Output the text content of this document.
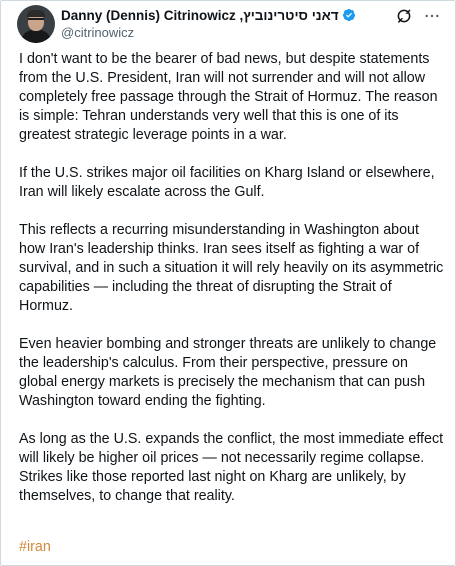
Danny (Dennis) Citrinowicz ,דאני סיטרינוביץ
@citrinowicz

I don't want to be the bearer of bad news, but despite statements from the U.S. President, Iran will not surrender and will not allow completely free passage through the Strait of Hormuz. The reason is simple: Tehran understands very well that this is one of its greatest strategic leverage points in a war.

If the U.S. strikes major oil facilities on Kharg Island or elsewhere, Iran will likely escalate across the Gulf.

This reflects a recurring misunderstanding in Washington about how Iran's leadership thinks. Iran sees itself as fighting a war of survival, and in such a situation it will rely heavily on its asymmetric capabilities — including the threat of disrupting the Strait of Hormuz.

Even heavier bombing and stronger threats are unlikely to change the leadership's calculus. From their perspective, pressure on global energy markets is precisely the mechanism that can push Washington toward ending the fighting.

As long as the U.S. expands the conflict, the most immediate effect will likely be higher oil prices — not necessarily regime collapse. Strikes like those reported last night on Kharg are unlikely, by themselves, to change that reality.

#iran
